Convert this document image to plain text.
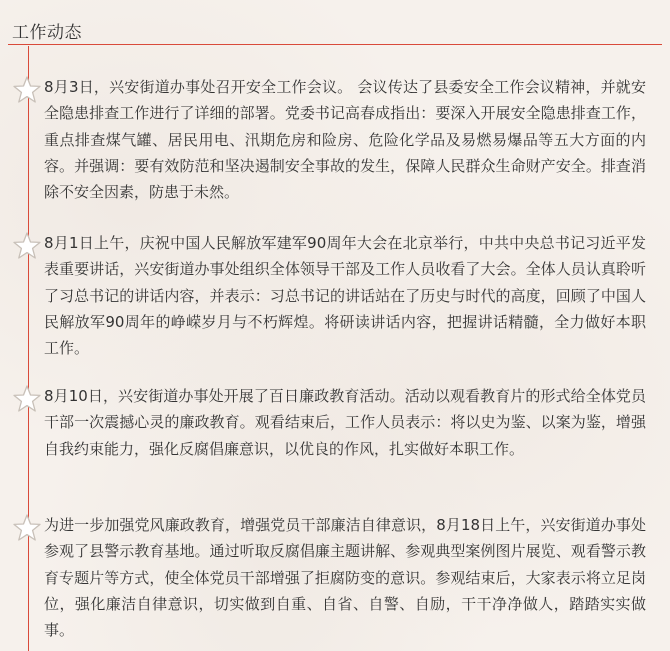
工作动态
8月3日，兴安街道办事处召开安全工作会议。 会议传达了县委安全工作会议精神，并就安全隐患排查工作进行了详细的部署。党委书记高春成指出：要深入开展安全隐患排查工作，重点排查煤气罐、居民用电、汛期危房和险房、危险化学品及易燃易爆品等五大方面的内容。并强调：要有效防范和坚决遏制安全事故的发生，保障人民群众生命财产安全。排查消除不安全因素，防患于未然。
8月1日上午，庆祝中国人民解放军建军90周年大会在北京举行，中共中央总书记习近平发表重要讲话，兴安街道办事处组织全体领导干部及工作人员收看了大会。全体人员认真聆听了习总书记的讲话内容，并表示：习总书记的讲话站在了历史与时代的高度，回顾了中国人民解放军90周年的峥嵘岁月与不朽辉煌。将研读讲话内容，把握讲话精髓，全力做好本职工作。
8月10日，兴安街道办事处开展了百日廉政教育活动。活动以观看教育片的形式给全体党员干部一次震撼心灵的廉政教育。观看结束后，工作人员表示：将以史为鉴、以案为鉴，增强自我约束能力，强化反腐倡廉意识，以优良的作风，扎实做好本职工作。
为进一步加强党风廉政教育，增强党员干部廉洁自律意识，8月18日上午，兴安街道办事处参观了县警示教育基地。通过听取反腐倡廉主题讲解、参观典型案例图片展览、观看警示教育专题片等方式，使全体党员干部增强了拒腐防变的意识。参观结束后，大家表示将立足岗位，强化廉洁自律意识，切实做到自重、自省、自警、自励，干干净净做人，踏踏实实做事。
